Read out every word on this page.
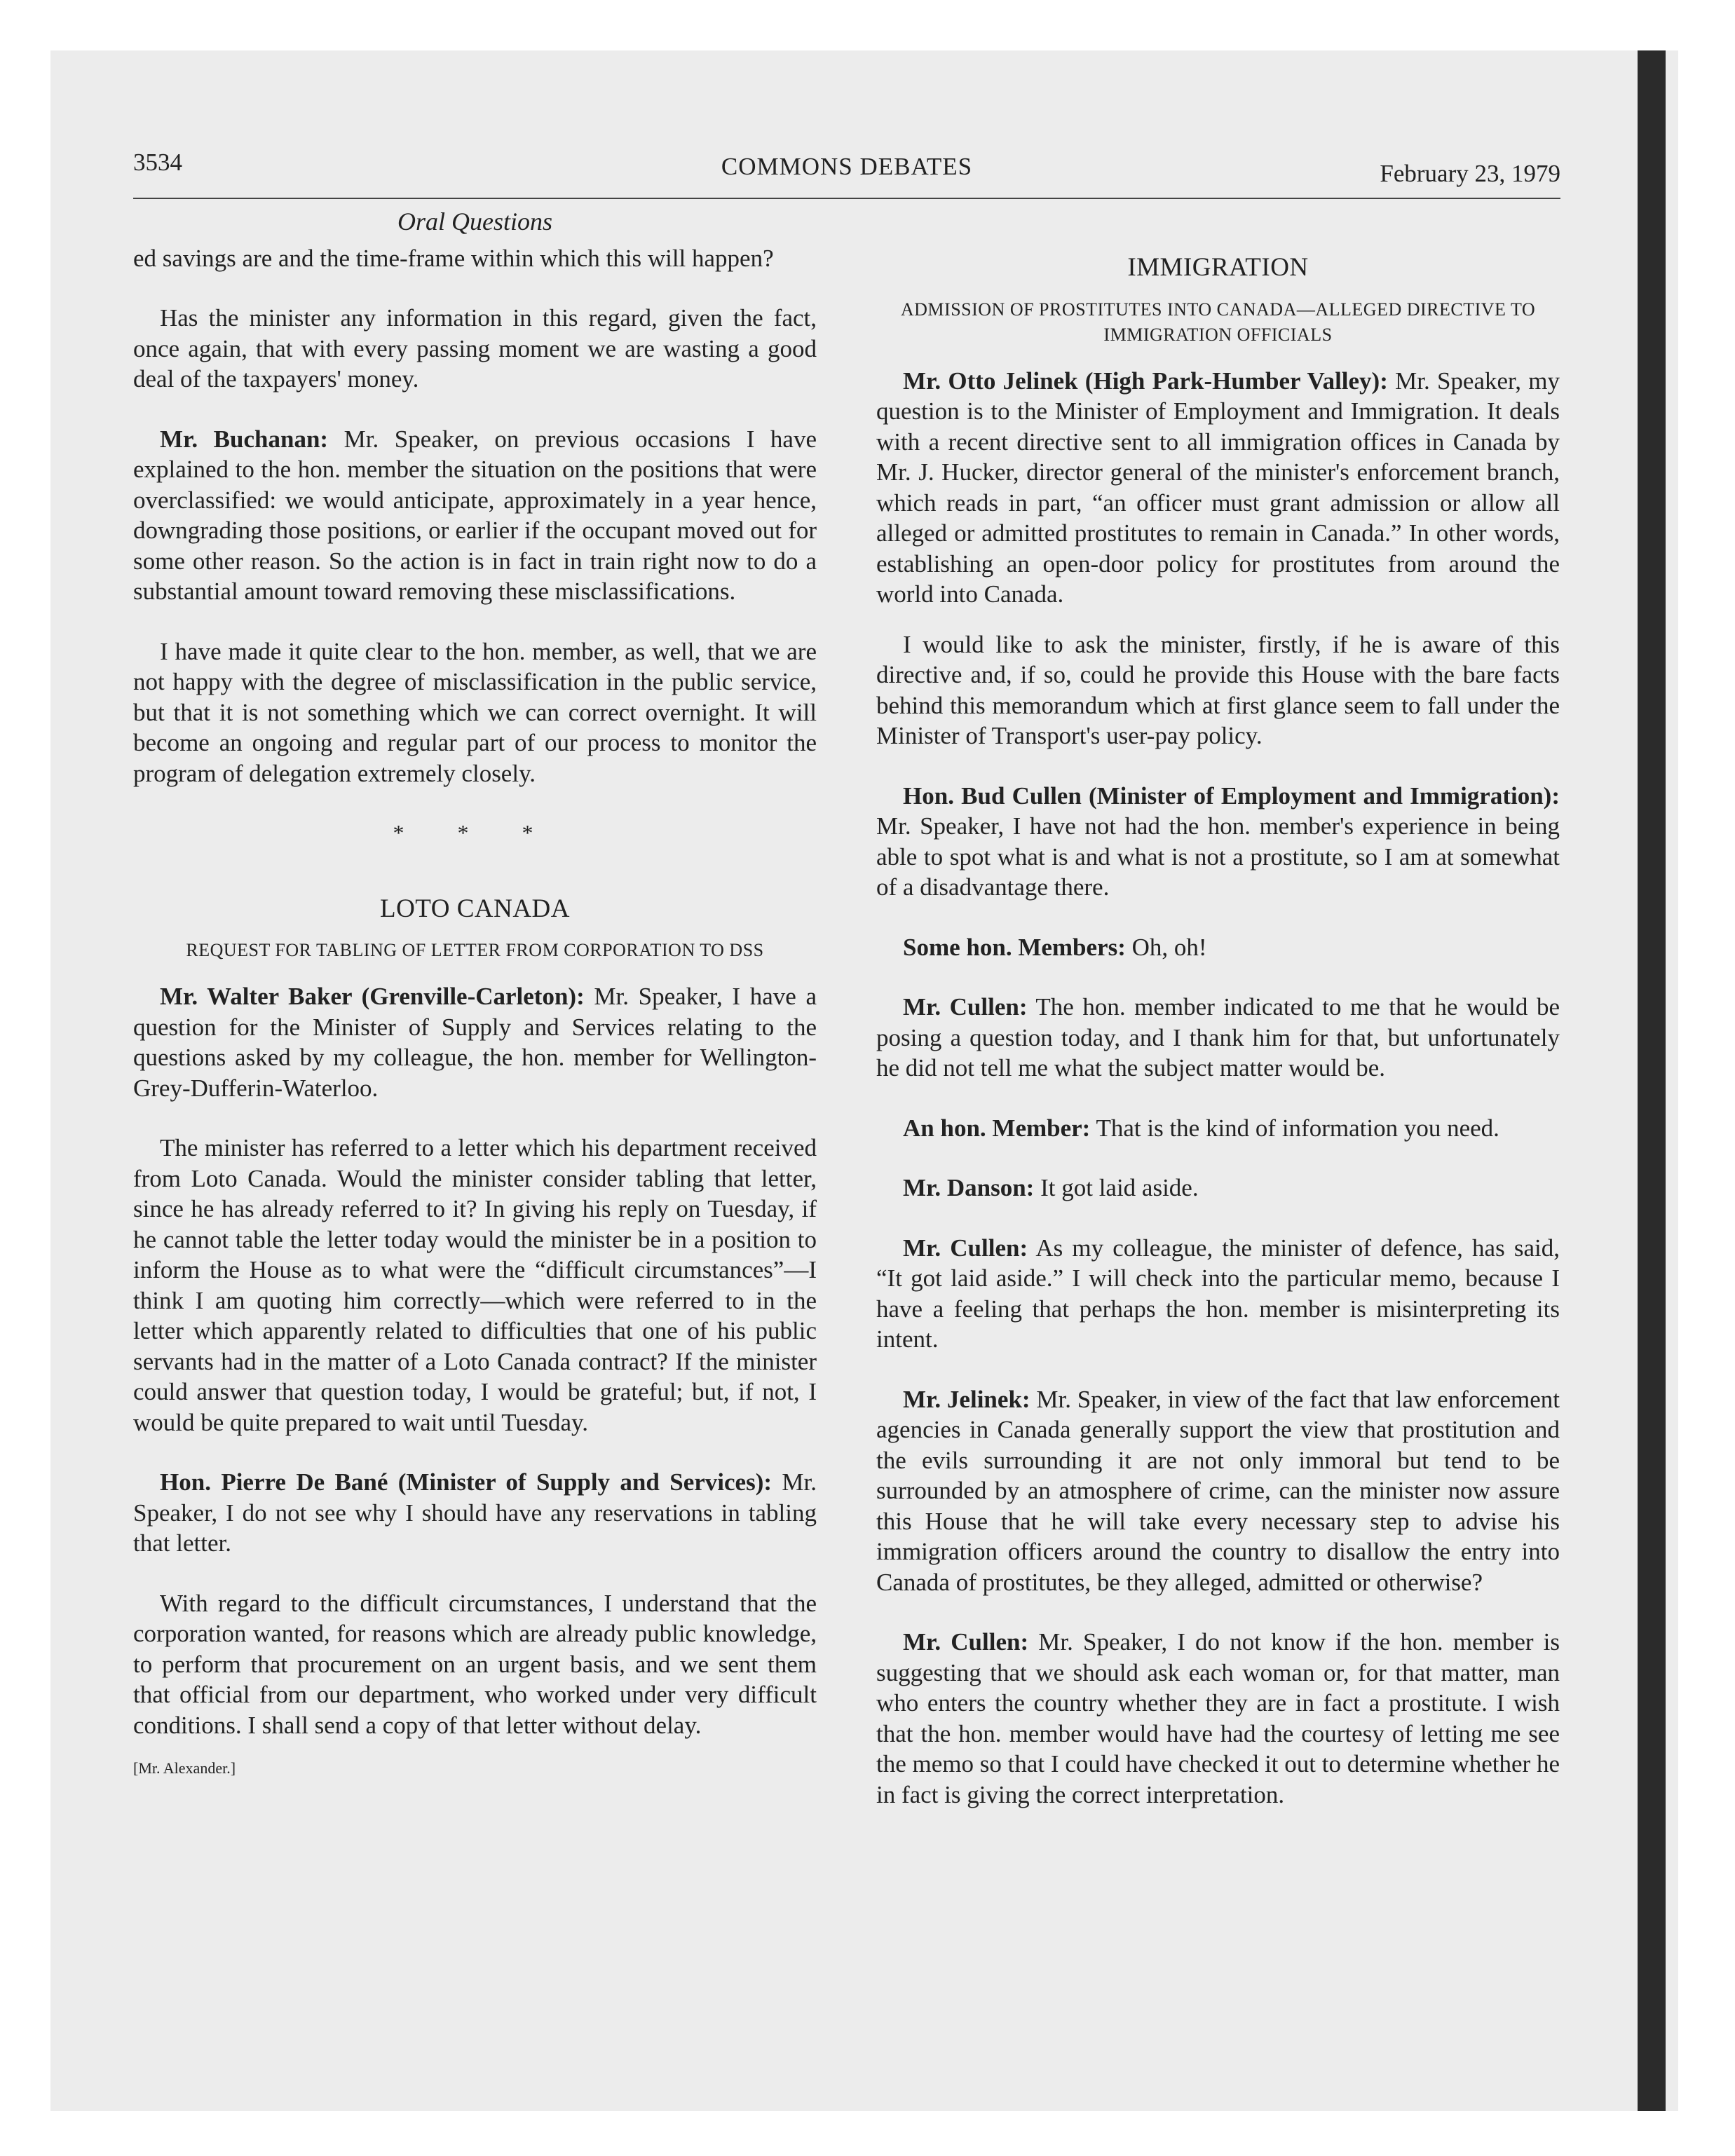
3534	COMMONS DEBATES	February 23, 1979
Oral Questions

ed savings are and the time-frame within which this will happen?

Has the minister any information in this regard, given the fact, once again, that with every passing moment we are wasting a good deal of the taxpayers' money.

Mr. Buchanan: Mr. Speaker, on previous occasions I have explained to the hon. member the situation on the positions that were overclassified: we would anticipate, approximately in a year hence, downgrading those positions, or earlier if the occupant moved out for some other reason. So the action is in fact in train right now to do a substantial amount toward removing these misclassifications.

I have made it quite clear to the hon. member, as well, that we are not happy with the degree of misclassification in the public service, but that it is not something which we can correct overnight. It will become an ongoing and regular part of our process to monitor the program of delegation extremely closely.

* * *
LOTO CANADA
REQUEST FOR TABLING OF LETTER FROM CORPORATION TO DSS

Mr. Walter Baker (Grenville-Carleton): Mr. Speaker, I have a question for the Minister of Supply and Services relating to the questions asked by my colleague, the hon. member for Wellington-Grey-Dufferin-Waterloo.

The minister has referred to a letter which his department received from Loto Canada. Would the minister consider tabling that letter, since he has already referred to it? In giving his reply on Tuesday, if he cannot table the letter today would the minister be in a position to inform the House as to what were the “difficult circumstances”—I think I am quoting him correctly—which were referred to in the letter which apparently related to difficulties that one of his public servants had in the matter of a Loto Canada contract? If the minister could answer that question today, I would be grateful; but, if not, I would be quite prepared to wait until Tuesday.

Hon. Pierre De Bané (Minister of Supply and Services): Mr. Speaker, I do not see why I should have any reservations in tabling that letter.

With regard to the difficult circumstances, I understand that the corporation wanted, for reasons which are already public knowledge, to perform that procurement on an urgent basis, and we sent them that official from our department, who worked under very difficult conditions. I shall send a copy of that letter without delay.

[Mr. Alexander.]
IMMIGRATION
ADMISSION OF PROSTITUTES INTO CANADA—ALLEGED DIRECTIVE TO IMMIGRATION OFFICIALS

Mr. Otto Jelinek (High Park-Humber Valley): Mr. Speaker, my question is to the Minister of Employment and Immigration. It deals with a recent directive sent to all immigration offices in Canada by Mr. J. Hucker, director general of the minister's enforcement branch, which reads in part, “an officer must grant admission or allow all alleged or admitted prostitutes to remain in Canada.” In other words, establishing an open-door policy for prostitutes from around the world into Canada.

I would like to ask the minister, firstly, if he is aware of this directive and, if so, could he provide this House with the bare facts behind this memorandum which at first glance seem to fall under the Minister of Transport's user-pay policy.

Hon. Bud Cullen (Minister of Employment and Immigration): Mr. Speaker, I have not had the hon. member's experience in being able to spot what is and what is not a prostitute, so I am at somewhat of a disadvantage there.

Some hon. Members: Oh, oh!

Mr. Cullen: The hon. member indicated to me that he would be posing a question today, and I thank him for that, but unfortunately he did not tell me what the subject matter would be.

An hon. Member: That is the kind of information you need.

Mr. Danson: It got laid aside.

Mr. Cullen: As my colleague, the minister of defence, has said, “It got laid aside.” I will check into the particular memo, because I have a feeling that perhaps the hon. member is misinterpreting its intent.

Mr. Jelinek: Mr. Speaker, in view of the fact that law enforcement agencies in Canada generally support the view that prostitution and the evils surrounding it are not only immoral but tend to be surrounded by an atmosphere of crime, can the minister now assure this House that he will take every necessary step to advise his immigration officers around the country to disallow the entry into Canada of prostitutes, be they alleged, admitted or otherwise?

Mr. Cullen: Mr. Speaker, I do not know if the hon. member is suggesting that we should ask each woman or, for that matter, man who enters the country whether they are in fact a prostitute. I wish that the hon. member would have had the courtesy of letting me see the memo so that I could have checked it out to determine whether he in fact is giving the correct interpretation.
